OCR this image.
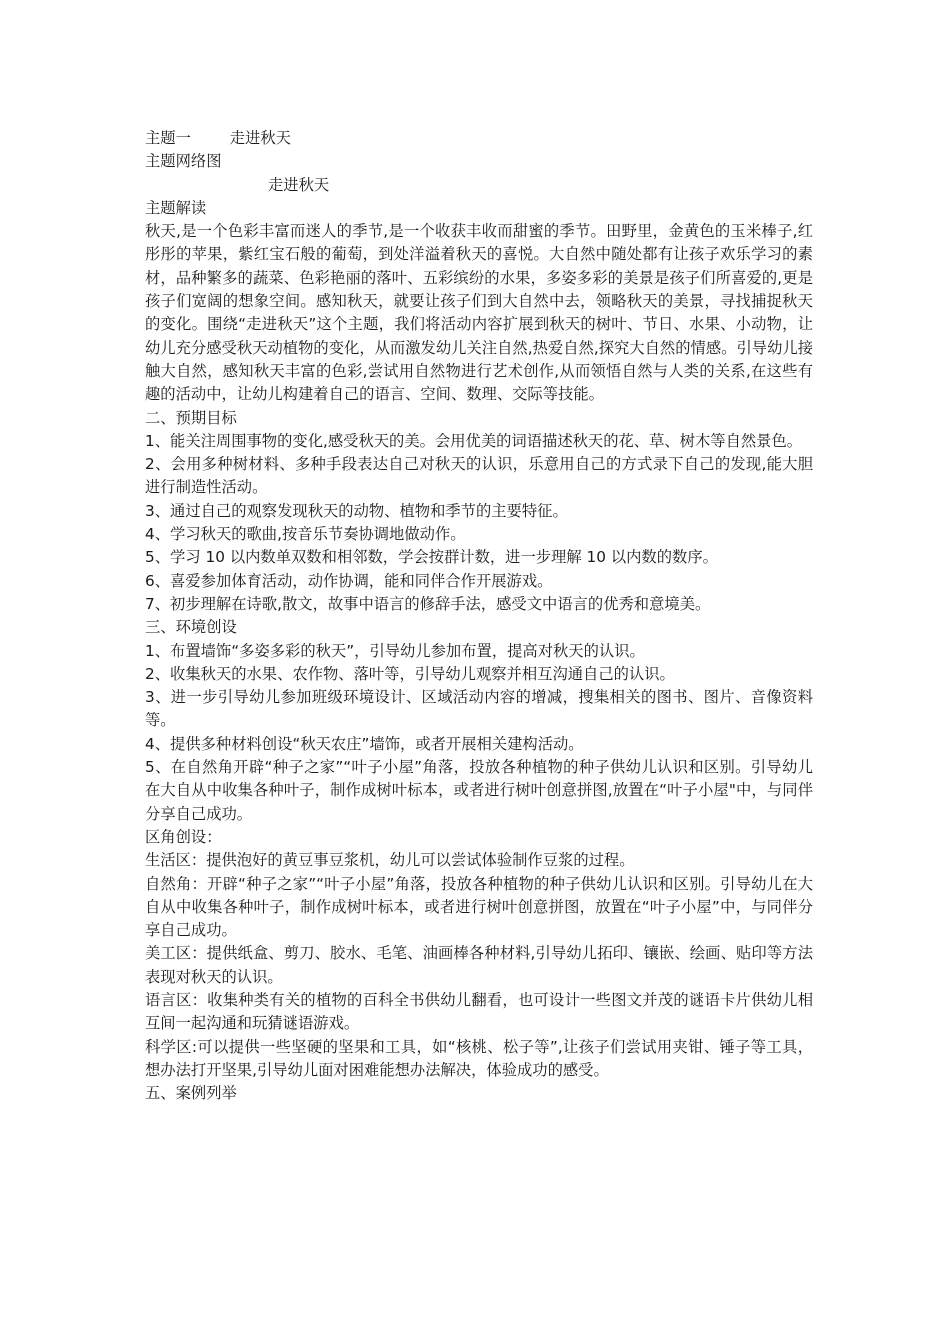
主题一        走进秋天
主题网络图
走进秋天
主题解读

秋天,是一个色彩丰富而迷人的季节,是一个收获丰收而甜蜜的季节。田野里，金黄色的玉米棒子,红彤彤的苹果，紫红宝石般的葡萄，到处洋溢着秋天的喜悦。大自然中随处都有让孩子欢乐学习的素材，品种繁多的蔬菜、色彩艳丽的落叶、五彩缤纷的水果，多姿多彩的美景是孩子们所喜爱的,更是孩子们宽阔的想象空间。感知秋天，就要让孩子们到大自然中去，领略秋天的美景，寻找捕捉秋天的变化。围绕“走进秋天”这个主题，我们将活动内容扩展到秋天的树叶、节日、水果、小动物，让幼儿充分感受秋天动植物的变化，从而激发幼儿关注自然,热爱自然,探究大自然的情感。引导幼儿接触大自然，感知秋天丰富的色彩,尝试用自然物进行艺术创作,从而领悟自然与人类的关系,在这些有趣的活动中，让幼儿构建着自己的语言、空间、数理、交际等技能。

二、预期目标

1、能关注周围事物的变化,感受秋天的美。会用优美的词语描述秋天的花、草、树木等自然景色。

2、会用多种树材料、多种手段表达自己对秋天的认识，乐意用自己的方式录下自己的发现,能大胆进行制造性活动。

3、通过自己的观察发现秋天的动物、植物和季节的主要特征。

4、学习秋天的歌曲,按音乐节奏协调地做动作。

5、学习 10 以内数单双数和相邻数，学会按群计数，进一步理解 10 以内数的数序。

6、喜爱参加体育活动，动作协调，能和同伴合作开展游戏。

7、初步理解在诗歌,散文，故事中语言的修辞手法，感受文中语言的优秀和意境美。

三、环境创设

1、布置墙饰“多姿多彩的秋天”，引导幼儿参加布置，提高对秋天的认识。

2、收集秋天的水果、农作物、落叶等，引导幼儿观察并相互沟通自己的认识。

3、进一步引导幼儿参加班级环境设计、区域活动内容的增减，搜集相关的图书、图片、音像资料等。

4、提供多种材料创设“秋天农庄”墙饰，或者开展相关建构活动。

5、在自然角开辟“种子之家”“叶子小屋”角落，投放各种植物的种子供幼儿认识和区别。引导幼儿在大自从中收集各种叶子，制作成树叶标本，或者进行树叶创意拼图,放置在“叶子小屋"中，与同伴分享自己成功。

区角创设：

生活区：提供泡好的黄豆事豆浆机，幼儿可以尝试体验制作豆浆的过程。

自然角：开辟“种子之家”“叶子小屋”角落，投放各种植物的种子供幼儿认识和区别。引导幼儿在大自从中收集各种叶子，制作成树叶标本，或者进行树叶创意拼图，放置在“叶子小屋”中，与同伴分享自己成功。

美工区：提供纸盒、剪刀、胶水、毛笔、油画棒各种材料,引导幼儿拓印、镶嵌、绘画、贴印等方法表现对秋天的认识。

语言区：收集种类有关的植物的百科全书供幼儿翻看，也可设计一些图文并茂的谜语卡片供幼儿相互间一起沟通和玩猜谜语游戏。

科学区:可以提供一些坚硬的坚果和工具，如“核桃、松子等”,让孩子们尝试用夹钳、锤子等工具，想办法打开坚果,引导幼儿面对困难能想办法解决，体验成功的感受。

五、案例列举
